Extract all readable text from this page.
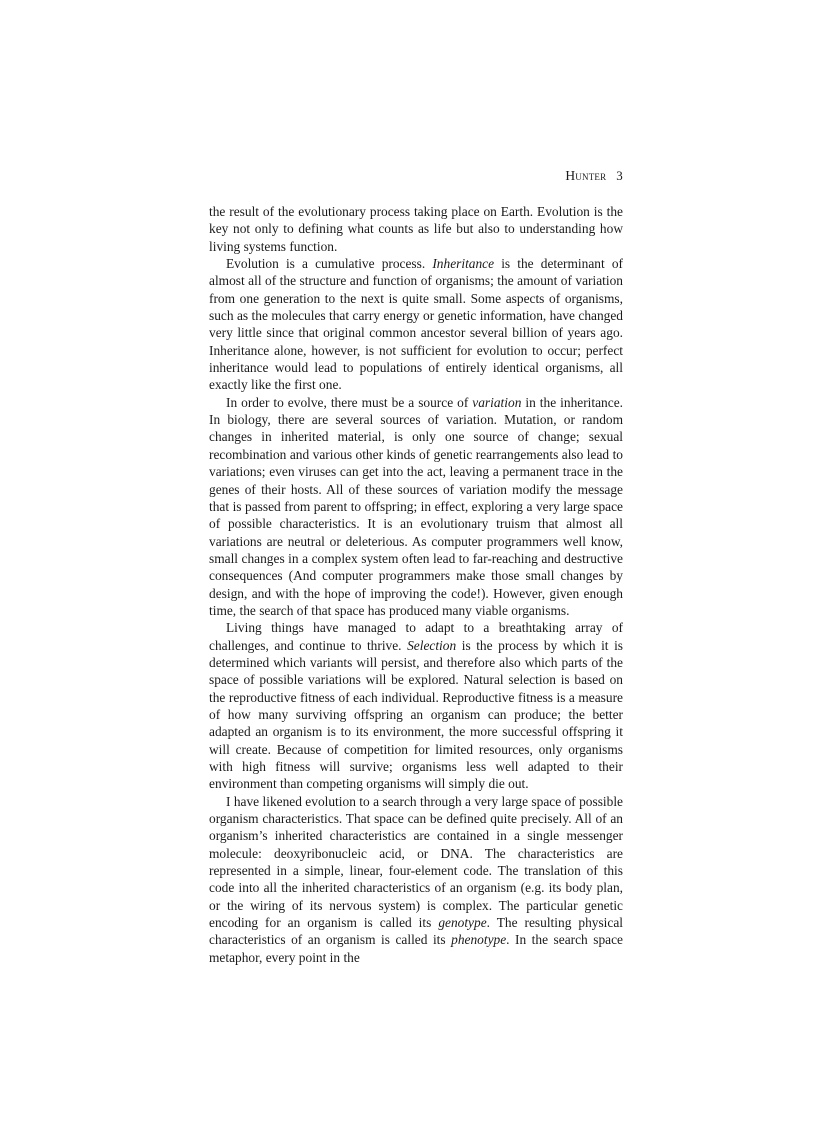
Hunter 3

the result of the evolutionary process taking place on Earth. Evolution is the key not only to defining what counts as life but also to understanding how living systems function.

Evolution is a cumulative process. Inheritance is the determinant of almost all of the structure and function of organisms; the amount of variation from one generation to the next is quite small. Some aspects of organisms, such as the molecules that carry energy or genetic information, have changed very little since that original common ancestor several billion of years ago. Inheritance alone, however, is not sufficient for evolution to occur; perfect inheritance would lead to populations of entirely identical organisms, all exactly like the first one.

In order to evolve, there must be a source of variation in the inheritance. In biology, there are several sources of variation. Mutation, or random changes in inherited material, is only one source of change; sexual recombination and various other kinds of genetic rearrangements also lead to variations; even viruses can get into the act, leaving a permanent trace in the genes of their hosts. All of these sources of variation modify the message that is passed from parent to offspring; in effect, exploring a very large space of possible characteristics. It is an evolutionary truism that almost all variations are neutral or deleterious. As computer programmers well know, small changes in a complex system often lead to far-reaching and destructive consequences (And computer programmers make those small changes by design, and with the hope of improving the code!). However, given enough time, the search of that space has produced many viable organisms.

Living things have managed to adapt to a breathtaking array of challenges, and continue to thrive. Selection is the process by which it is determined which variants will persist, and therefore also which parts of the space of possible variations will be explored. Natural selection is based on the reproductive fitness of each individual. Reproductive fitness is a measure of how many surviving offspring an organism can produce; the better adapted an organism is to its environment, the more successful offspring it will create. Because of competition for limited resources, only organisms with high fitness will survive; organisms less well adapted to their environment than competing organisms will simply die out.

I have likened evolution to a search through a very large space of possible organism characteristics. That space can be defined quite precisely. All of an organism’s inherited characteristics are contained in a single messenger molecule: deoxyribonucleic acid, or DNA. The characteristics are represented in a simple, linear, four-element code. The translation of this code into all the inherited characteristics of an organism (e.g. its body plan, or the wiring of its nervous system) is complex. The particular genetic encoding for an organism is called its genotype. The resulting physical characteristics of an organism is called its phenotype. In the search space metaphor, every point in the
